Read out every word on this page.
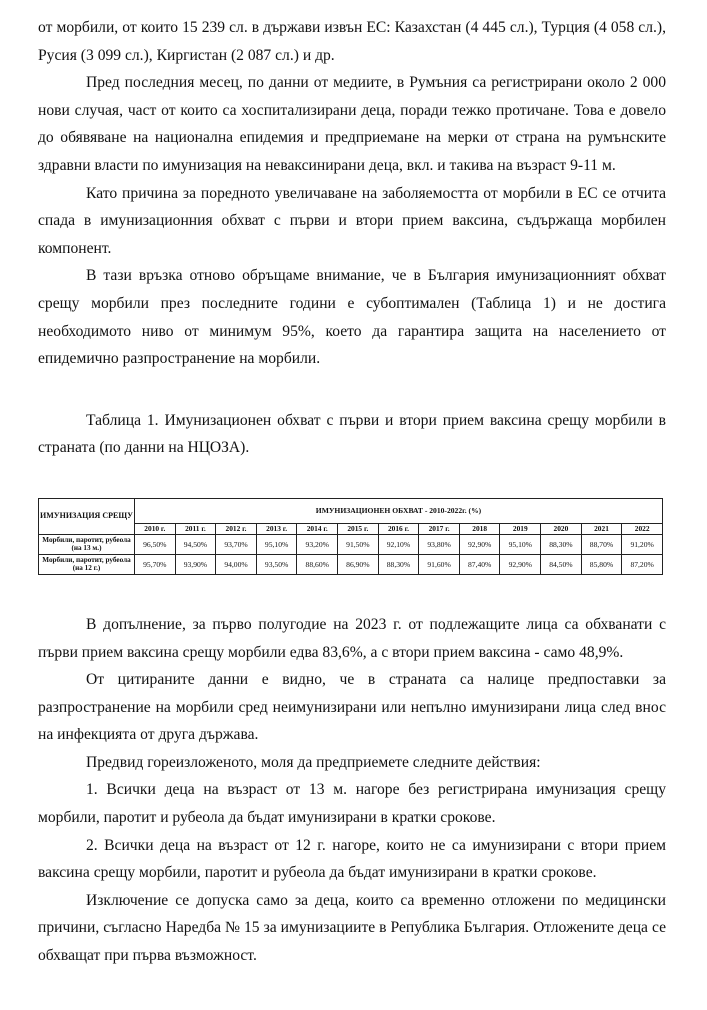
от морбили, от които 15 239 сл. в държави извън ЕС: Казахстан (4 445 сл.), Турция (4 058 сл.), Русия (3 099 сл.), Киргистан (2 087 сл.) и др.

Пред последния месец, по данни от медиите, в Румъния са регистрирани около 2 000 нови случая, част от които са хоспитализирани деца, поради тежко протичане. Това е довело до обявяване на национална епидемия и предприемане на мерки от страна на румънските здравни власти по имунизация на неваксинирани деца, вкл. и такива на възраст 9-11 м.

Като причина за поредното увеличаване на заболяемостта от морбили в ЕС се отчита спада в имунизационния обхват с първи и втори прием ваксина, съдържаща морбилен компонент.

В тази връзка отново обръщаме внимание, че в България имунизационният обхват срещу морбили през последните години е субоптимален (Таблица 1) и не достига необходимото ниво от минимум 95%, което да гарантира защита на населението от епидемично разпространение на морбили.

Таблица 1. Имунизационен обхват с първи и втори прием ваксина срещу морбили в страната (по данни на НЦОЗА).

ИМУНИЗАЦИЯ СРЕЩУ	ИМУНИЗАЦИОНЕН ОБХВАТ - 2010-2022г. (%)												
	2010 г.	2011 г.	2012 г.	2013 г.	2014 г.	2015 г.	2016 г.	2017 г.	2018	2019	2020	2021	2022
Морбили, паротит, рубеола (на 13 м.)	96,50%	94,50%	93,70%	95,10%	93,20%	91,50%	92,10%	93,80%	92,90%	95,10%	88,30%	88,70%	91,20%
Морбили, паротит, рубеола (на 12 г.)	95,70%	93,90%	94,00%	93,50%	88,60%	86,90%	88,30%	91,60%	87,40%	92,90%	84,50%	85,80%	87,20%

В допълнение, за първо полугодие на 2023 г. от подлежащите лица са обхванати с първи прием ваксина срещу морбили едва 83,6%, а с втори прием ваксина - само 48,9%.

От цитираните данни е видно, че в страната са налице предпоставки за разпространение на морбили сред неимунизирани или непълно имунизирани лица след внос на инфекцията от друга държава.

Предвид гореизложеното, моля да предприемете следните действия:

1. Всички деца на възраст от 13 м. нагоре без регистрирана имунизация срещу морбили, паротит и рубеола да бъдат имунизирани в кратки срокове.

2. Всички деца на възраст от 12 г. нагоре, които не са имунизирани с втори прием ваксина срещу морбили, паротит и рубеола да бъдат имунизирани в кратки срокове.

Изключение се допуска само за деца, които са временно отложени по медицински причини, съгласно Наредба № 15 за имунизациите в Република България. Отложените деца се обхващат при първа възможност.
